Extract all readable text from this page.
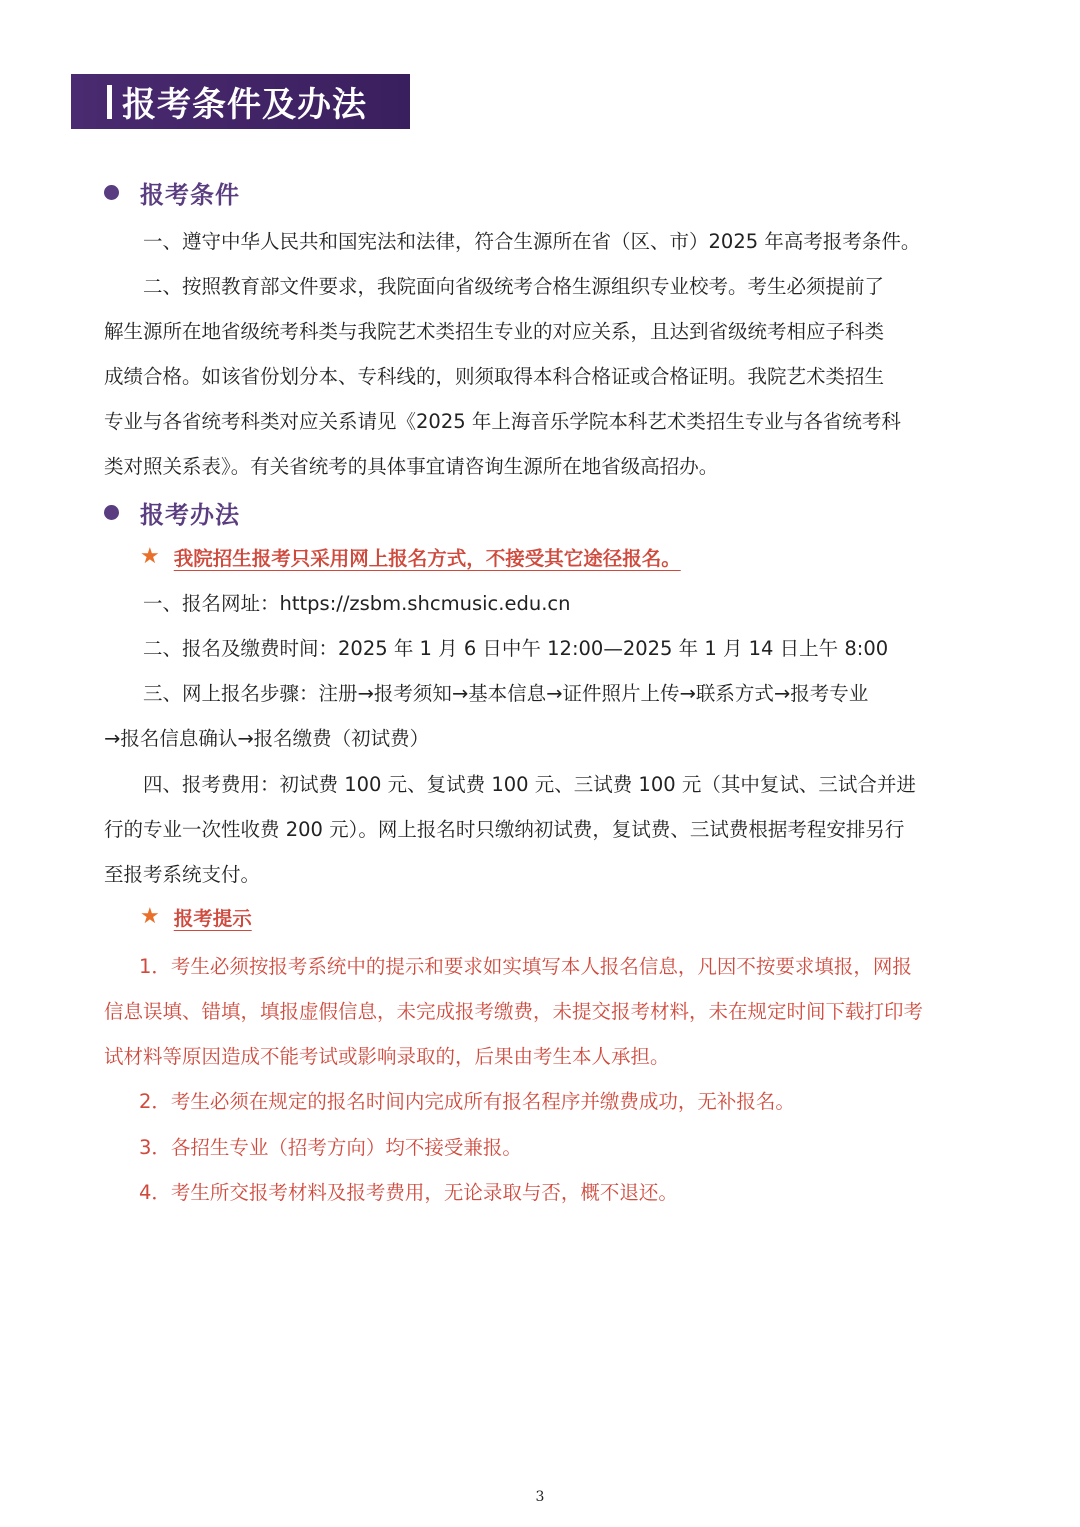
报考条件及办法
报考条件

一、遵守中华人民共和国宪法和法律，符合生源所在省（区、市）2025 年高考报考条件。

二、按照教育部文件要求，我院面向省级统考合格生源组织专业校考。考生必须提前了
解生源所在地省级统考科类与我院艺术类招生专业的对应关系，且达到省级统考相应子科类
成绩合格。如该省份划分本、专科线的，则须取得本科合格证或合格证明。我院艺术类招生
专业与各省统考科类对应关系请见《2025 年上海音乐学院本科艺术类招生专业与各省统考科
类对照关系表》。有关省统考的具体事宜请咨询生源所在地省级高招办。
报考办法
★ 我院招生报考只采用网上报名方式，不接受其它途径报名。

一、报名网址：https://zsbm.shcmusic.edu.cn

二、报名及缴费时间：2025 年 1 月 6 日中午 12:00—2025 年 1 月 14 日上午 8:00

三、网上报名步骤：注册→报考须知→基本信息→证件照片上传→联系方式→报考专业
→报名信息确认→报名缴费（初试费）
四、报考费用：初试费 100 元、复试费 100 元、三试费 100 元（其中复试、三试合并进
行的专业一次性收费 200 元）。网上报名时只缴纳初试费，复试费、三试费根据考程安排另行
至报考系统支付。
★ 报考提示
1．考生必须按报考系统中的提示和要求如实填写本人报名信息，凡因不按要求填报，网报
信息误填、错填，填报虚假信息，未完成报考缴费，未提交报考材料，未在规定时间下载打印考
试材料等原因造成不能考试或影响录取的，后果由考生本人承担。

2．考生必须在规定的报名时间内完成所有报名程序并缴费成功，无补报名。

3．各招生专业（招考方向）均不接受兼报。

4．考生所交报考材料及报考费用，无论录取与否，概不退还。

3
